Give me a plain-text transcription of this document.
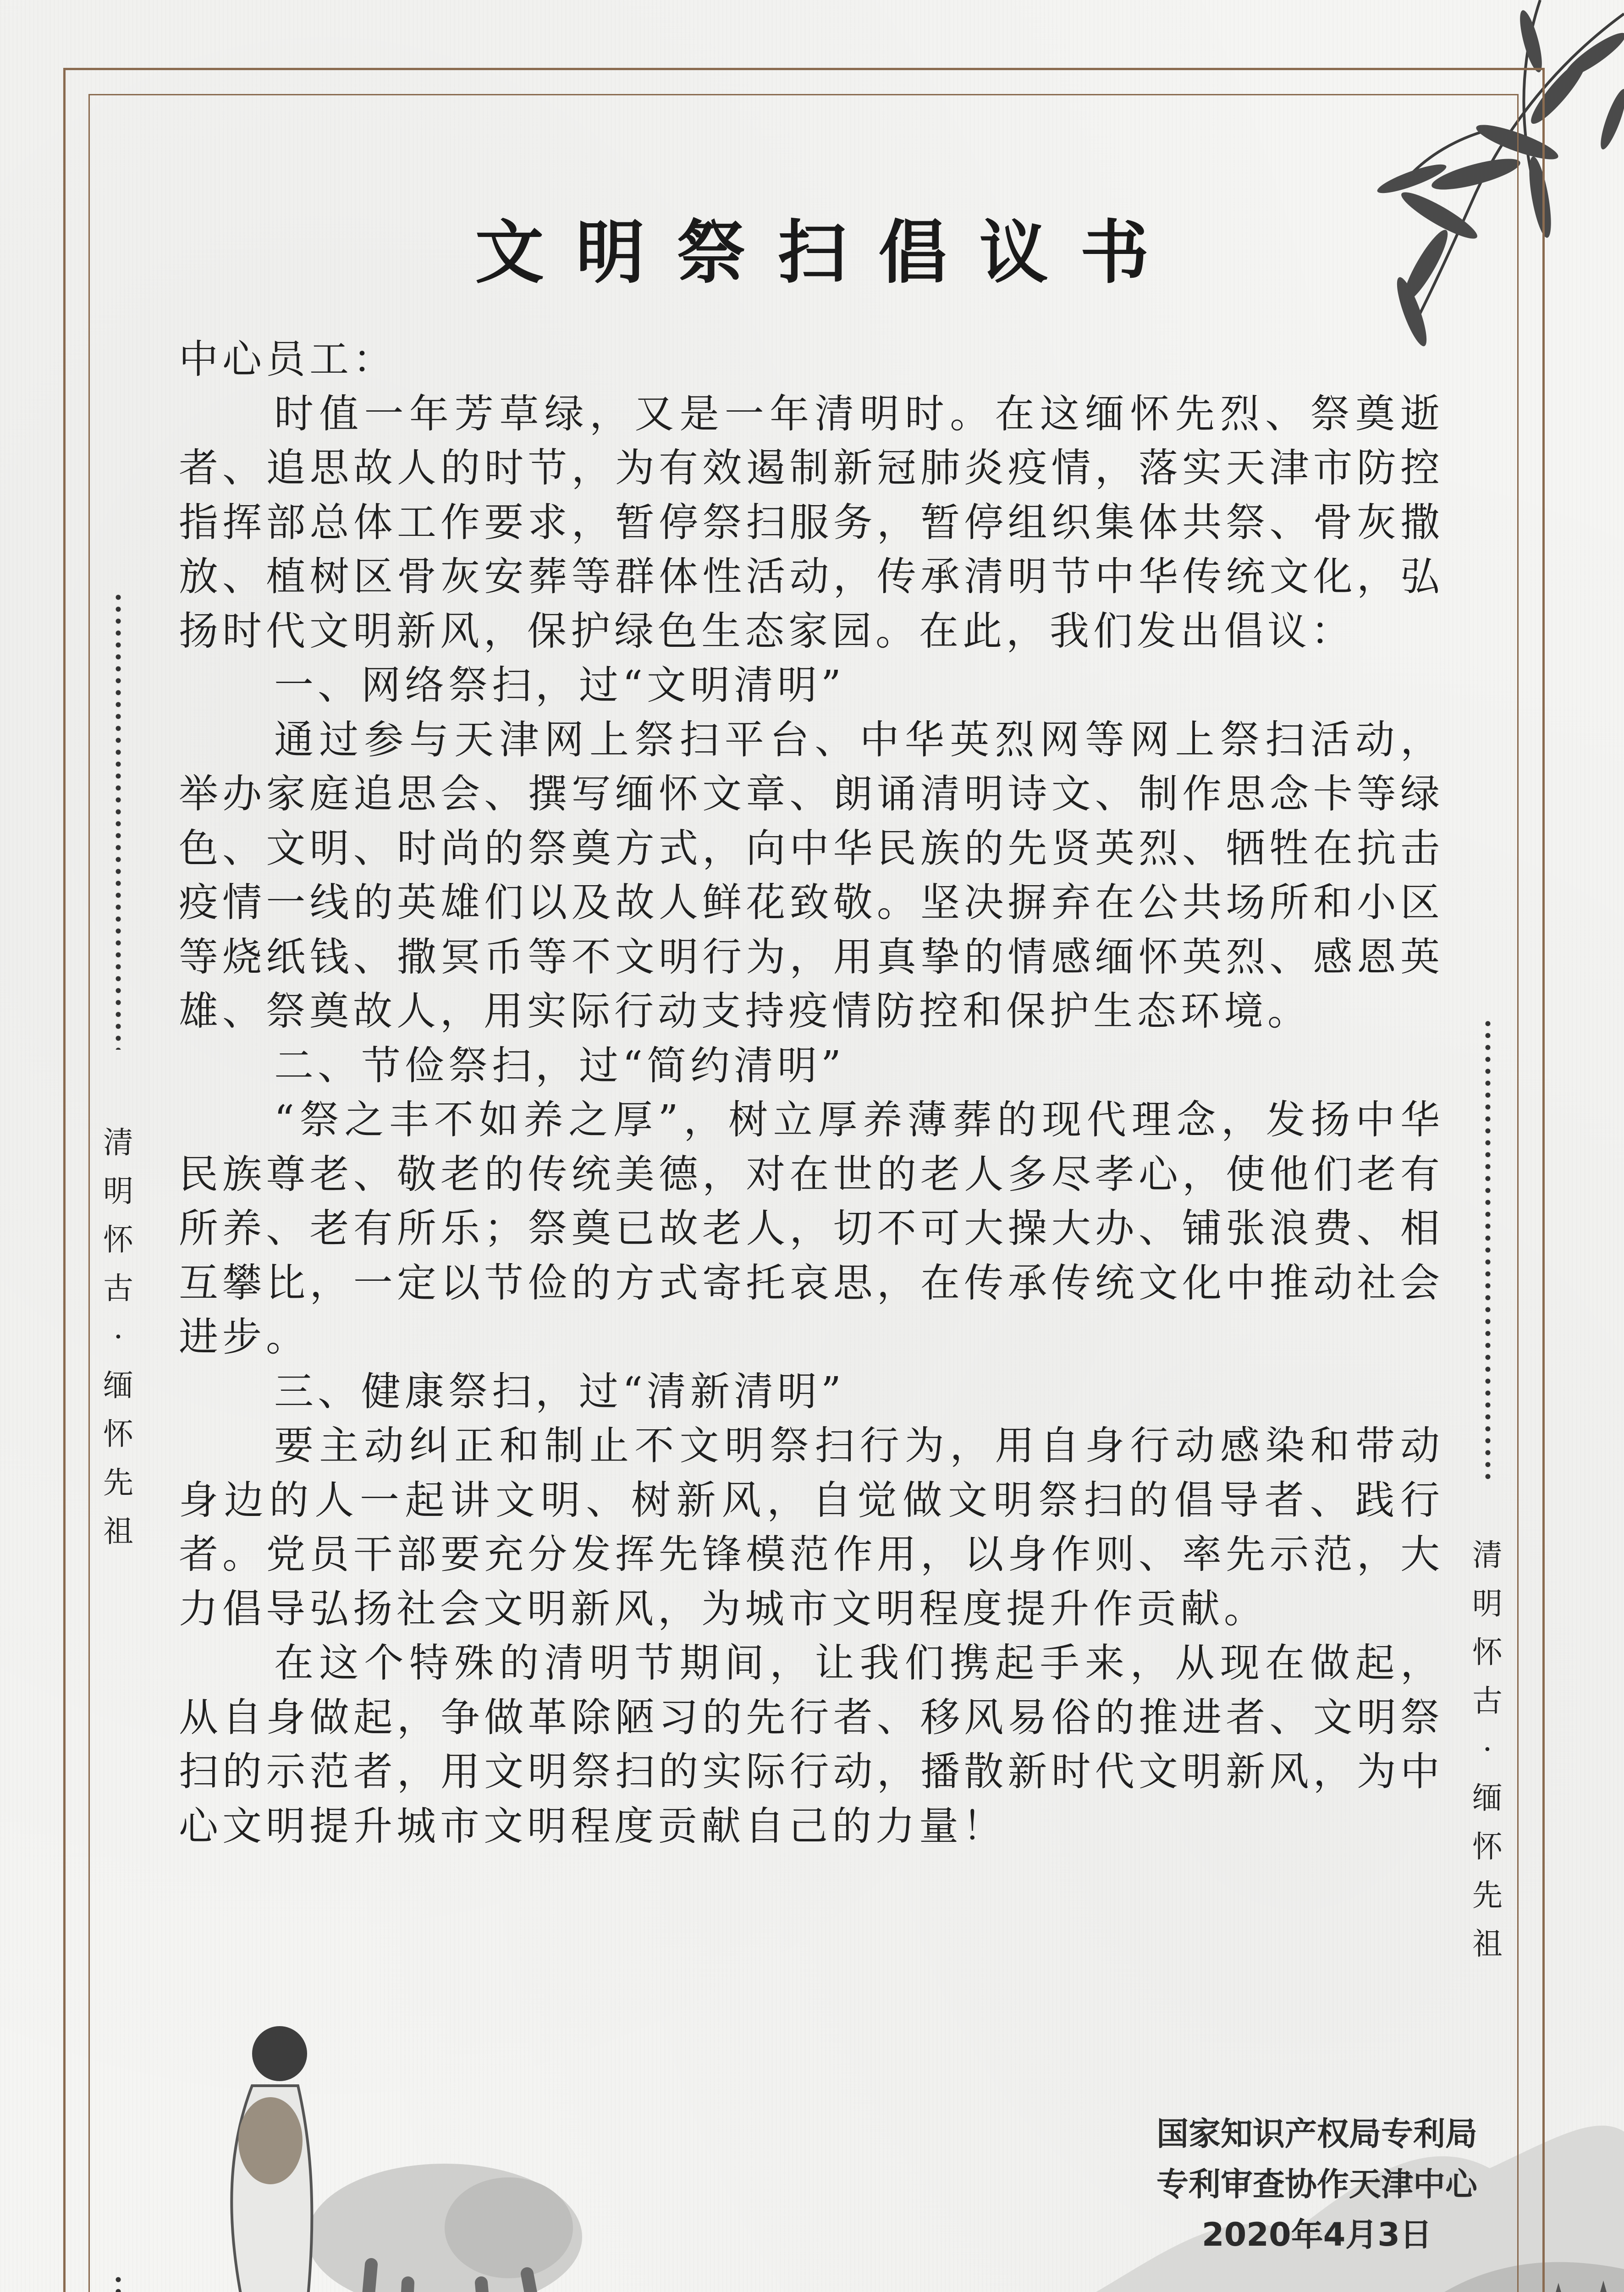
文明祭扫倡议书

中心员工：

时值一年芳草绿，又是一年清明时。在这缅怀先烈、祭奠逝者、追思故人的时节，为有效遏制新冠肺炎疫情，落实天津市防控指挥部总体工作要求，暂停祭扫服务，暂停组织集体共祭、骨灰撒放、植树区骨灰安葬等群体性活动，传承清明节中华传统文化，弘扬时代文明新风，保护绿色生态家园。在此，我们发出倡议：

一、网络祭扫，过“文明清明”

通过参与天津网上祭扫平台、中华英烈网等网上祭扫活动，举办家庭追思会、撰写缅怀文章、朗诵清明诗文、制作思念卡等绿色、文明、时尚的祭奠方式，向中华民族的先贤英烈、牺牲在抗击疫情一线的英雄们以及故人鲜花致敬。坚决摒弃在公共场所和小区等烧纸钱、撒冥币等不文明行为，用真挚的情感缅怀英烈、感恩英雄、祭奠故人，用实际行动支持疫情防控和保护生态环境。

二、节俭祭扫，过“简约清明”

“祭之丰不如养之厚”，树立厚养薄葬的现代理念，发扬中华民族尊老、敬老的传统美德，对在世的老人多尽孝心，使他们老有所养、老有所乐；祭奠已故老人，切不可大操大办、铺张浪费、相互攀比，一定以节俭的方式寄托哀思，在传承传统文化中推动社会进步。

三、健康祭扫，过“清新清明”

要主动纠正和制止不文明祭扫行为，用自身行动感染和带动身边的人一起讲文明、树新风，自觉做文明祭扫的倡导者、践行者。党员干部要充分发挥先锋模范作用，以身作则、率先示范，大力倡导弘扬社会文明新风，为城市文明程度提升作贡献。

在这个特殊的清明节期间，让我们携起手来，从现在做起，从自身做起，争做革除陋习的先行者、移风易俗的推进者、文明祭扫的示范者，用文明祭扫的实际行动，播散新时代文明新风，为中心文明提升城市文明程度贡献自己的力量！

国家知识产权局专利局
专利审查协作天津中心
2020年4月3日
清
明
怀
古
·
缅
怀
先
祖
清
明
怀
古
·
缅
怀
先
祖
